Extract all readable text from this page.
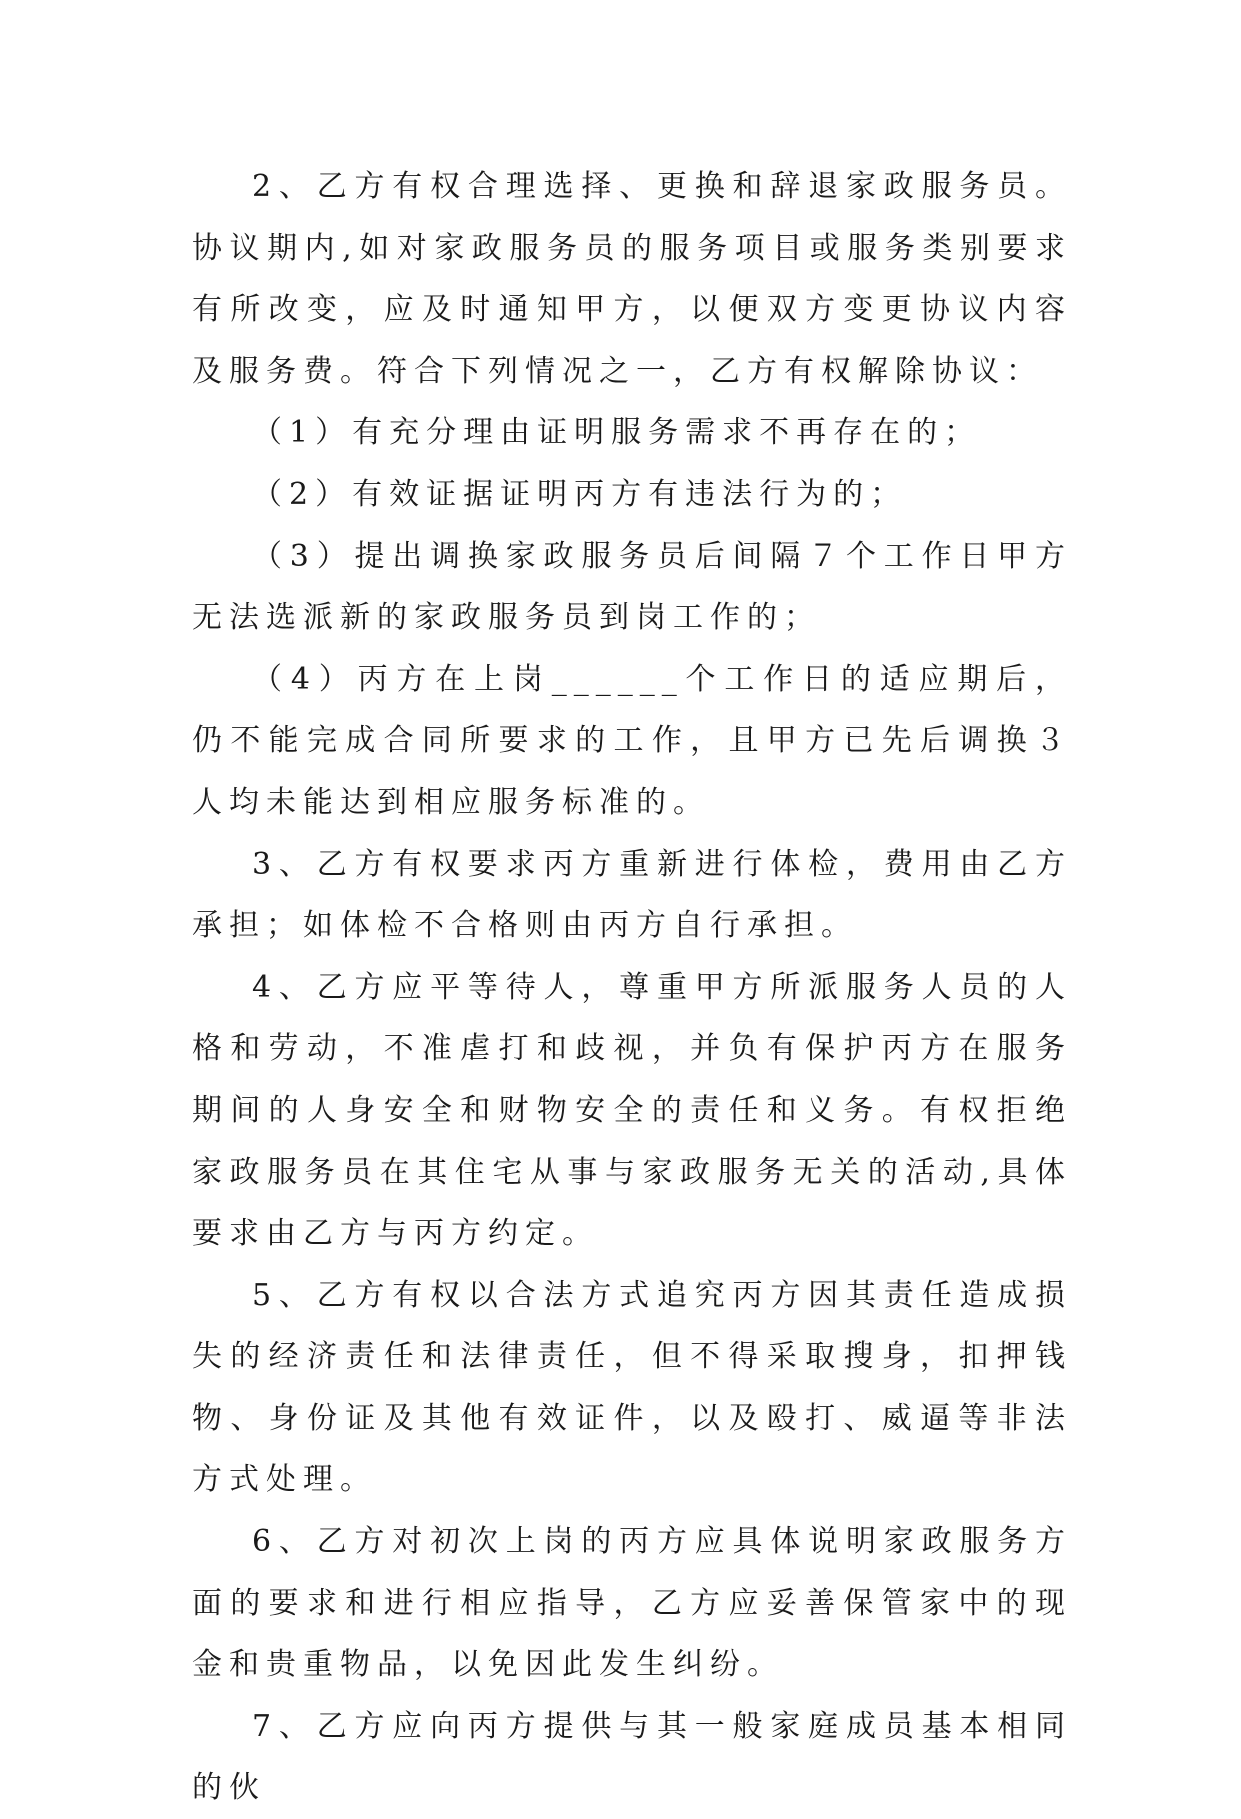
2、乙方有权合理选择、更换和辞退家政服务员。协议期内,如对家政服务员的服务项目或服务类别要求有所改变，应及时通知甲方，以便双方变更协议内容及服务费。符合下列情况之一，乙方有权解除协议：

（1）有充分理由证明服务需求不再存在的；

（2）有效证据证明丙方有违法行为的；

（3）提出调换家政服务员后间隔７个工作日甲方无法选派新的家政服务员到岗工作的；

（4）丙方在上岗______个工作日的适应期后，仍不能完成合同所要求的工作，且甲方已先后调换３人均未能达到相应服务标准的。

3、乙方有权要求丙方重新进行体检，费用由乙方承担；如体检不合格则由丙方自行承担。

4、乙方应平等待人，尊重甲方所派服务人员的人格和劳动，不准虐打和歧视，并负有保护丙方在服务期间的人身安全和财物安全的责任和义务。有权拒绝家政服务员在其住宅从事与家政服务无关的活动,具体要求由乙方与丙方约定。

5、乙方有权以合法方式追究丙方因其责任造成损失的经济责任和法律责任，但不得采取搜身，扣押钱物、身份证及其他有效证件，以及殴打、威逼等非法方式处理。

6、乙方对初次上岗的丙方应具体说明家政服务方面的要求和进行相应指导，乙方应妥善保管家中的现金和贵重物品，以免因此发生纠纷。

7、乙方应向丙方提供与其一般家庭成员基本相同的伙
